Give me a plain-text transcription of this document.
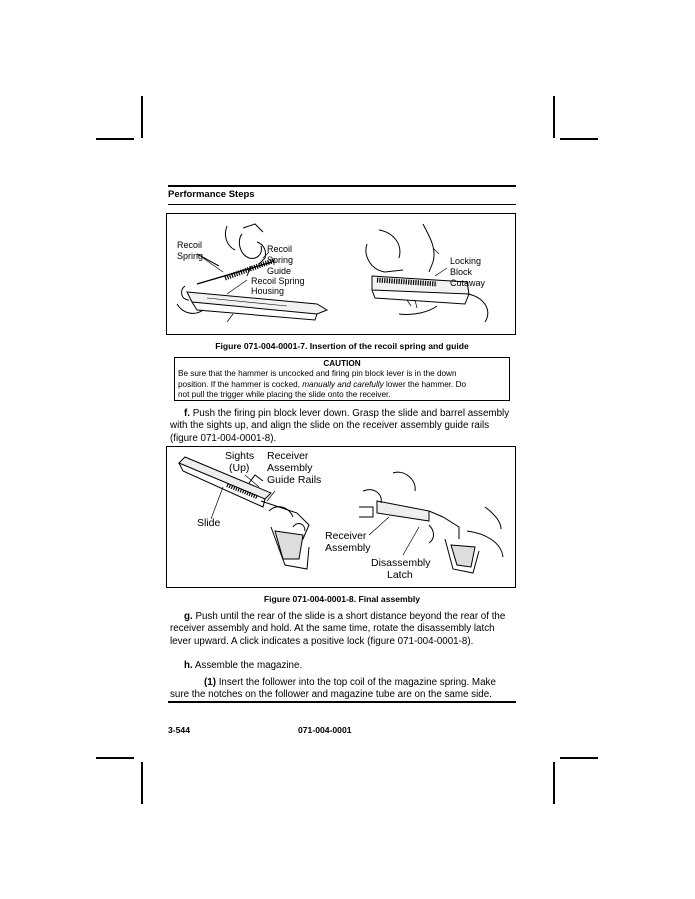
Performance Steps
Recoil
Spring
Recoil
Spring
Guide
Recoil Spring
Housing
Locking
Block
Cutaway
Figure 071-004-0001-7. Insertion of the recoil spring and guide
CAUTION
Be sure that the hammer is uncocked and firing pin block lever is in the down
position. If the hammer is cocked, manually and carefully lower the hammer. Do
not pull the trigger while placing the slide onto the receiver.
f. Push the firing pin block lever down. Grasp the slide and barrel assembly with the sights up, and align the slide on the receiver assembly guide rails (figure 071-004-0001-8).
Sights
(Up)
Receiver
Assembly
Guide Rails
Slide
Receiver
Assembly
Disassembly
Latch
Figure 071-004-0001-8. Final assembly
g. Push until the rear of the slide is a short distance beyond the rear of the receiver assembly and hold. At the same time, rotate the disassembly latch lever upward. A click indicates a positive lock (figure 071-004-0001-8).
h. Assemble the magazine.
(1) Insert the follower into the top coil of the magazine spring. Make sure the notches on the follower and magazine tube are on the same side.
3-544	071-004-0001
